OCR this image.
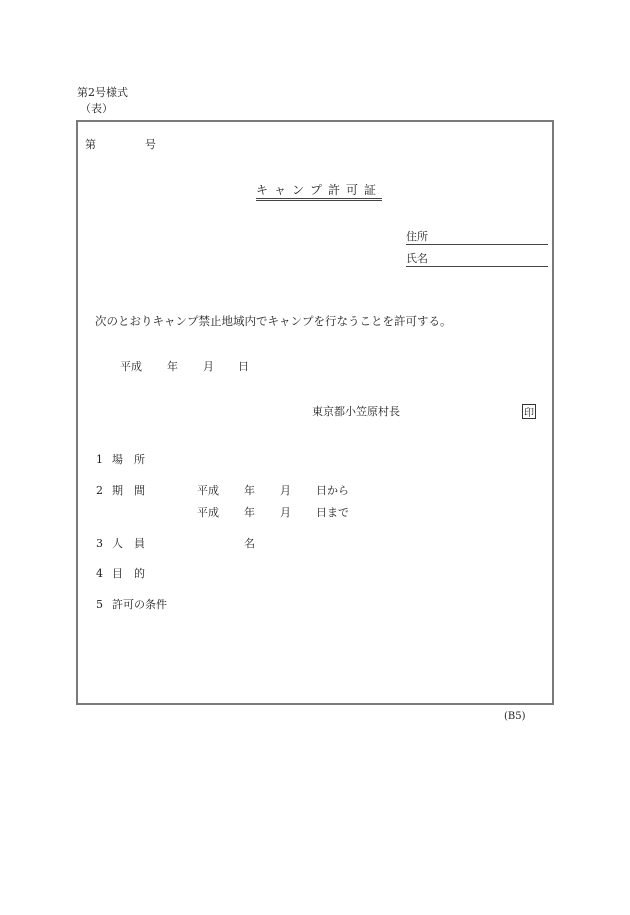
第2号様式
（表）
第	号
キャンプ許可証
住所
氏名
次のとおりキャンプ禁止地域内でキャンプを行なうことを許可する。
平成 年 月 日
東京都小笠原村長	印
1 場　所
2 期　間	平成 年 月 日から
平成 年 月 日まで
3 人　員	名
4 目　的
5 許可の条件
(B5)
